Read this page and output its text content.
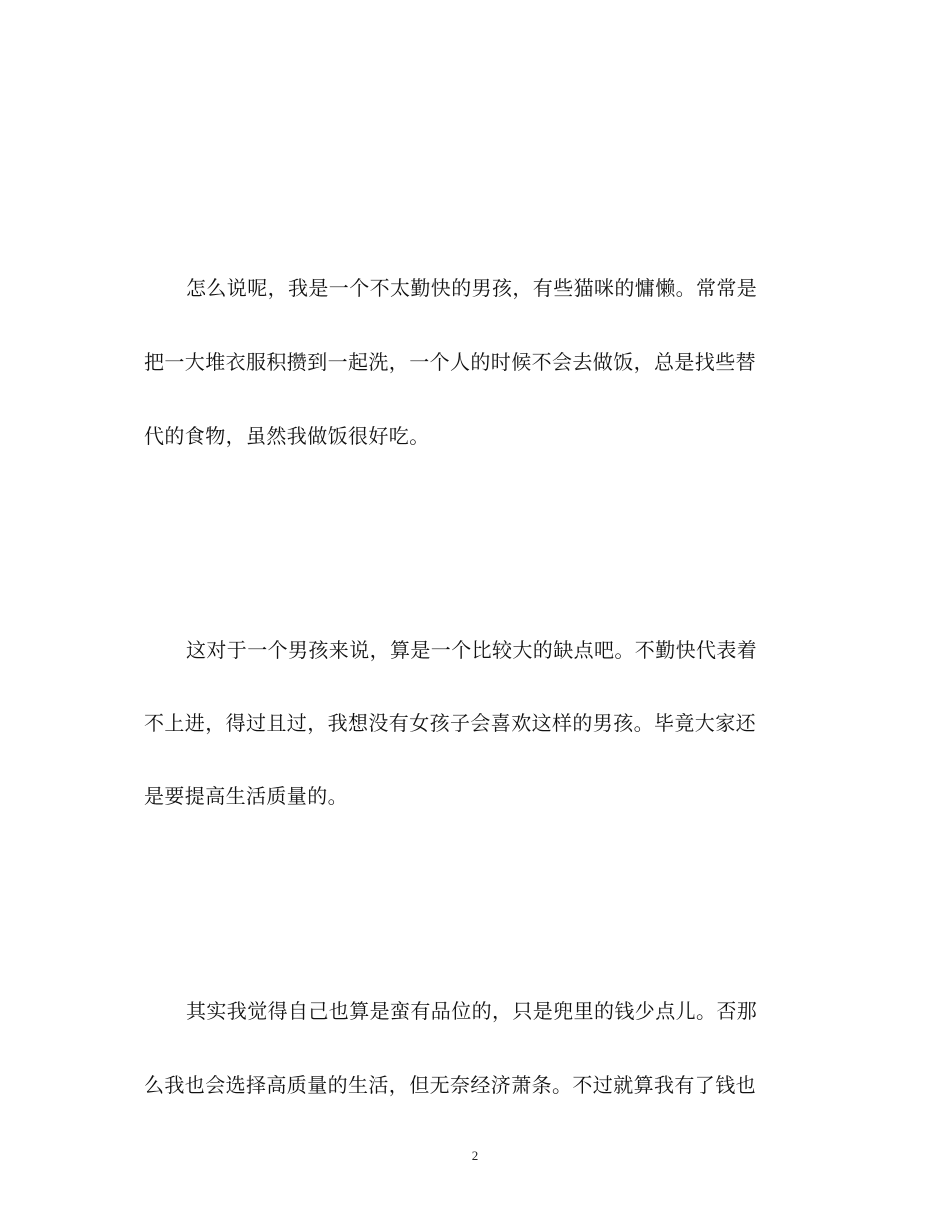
怎么说呢，我是一个不太勤快的男孩，有些猫咪的慵懒。常常是
把一大堆衣服积攒到一起洗，一个人的时候不会去做饭，总是找些替
代的食物，虽然我做饭很好吃。
这对于一个男孩来说，算是一个比较大的缺点吧。不勤快代表着
不上进，得过且过，我想没有女孩子会喜欢这样的男孩。毕竟大家还
是要提高生活质量的。
其实我觉得自己也算是蛮有品位的，只是兜里的钱少点儿。否那
么我也会选择高质量的生活，但无奈经济萧条。不过就算我有了钱也
2
